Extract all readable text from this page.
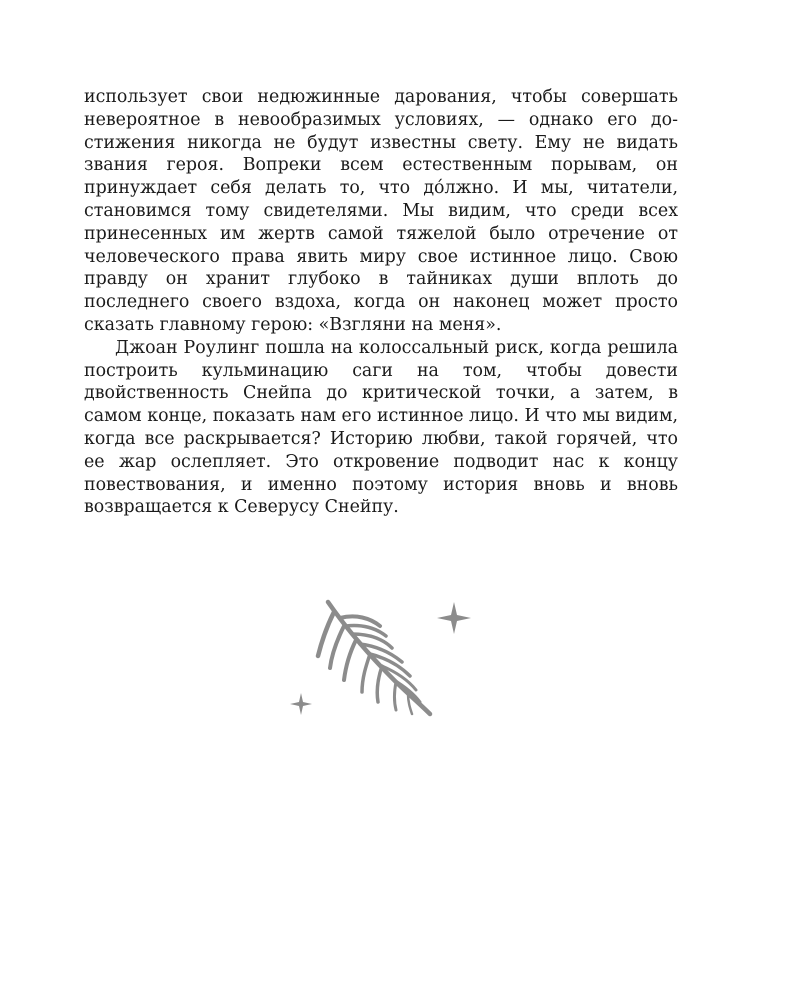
использует свои недюжинные дарования, чтобы совершать невероятное в невообразимых условиях, — однако его достижения никогда не будут известны свету. Ему не видать звания героя. Вопреки всем естественным порывам, он принуждает себя делать то, что до́лжно. И мы, читатели, становимся тому свидетелями. Мы видим, что среди всех принесенных им жертв самой тяжелой было отречение от человеческого права явить миру свое истинное лицо. Свою правду он хранит глубоко в тайниках души вплоть до последнего своего вздоха, когда он наконец может просто сказать главному герою: «Взгляни на меня».

Джоан Роулинг пошла на колоссальный риск, когда решила построить кульминацию саги на том, чтобы довести двойственность Снейпа до критической точки, а затем, в самом конце, показать нам его истинное лицо. И что мы видим, когда все раскрывается? Историю любви, такой горячей, что ее жар ослепляет. Это откровение подводит нас к концу повествования, и именно поэтому история вновь и вновь возвращается к Северусу Снейпу.
